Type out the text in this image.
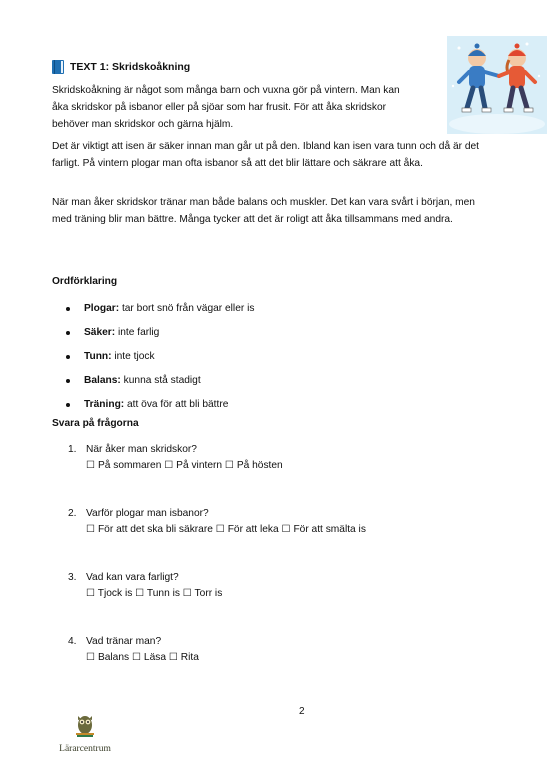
TEXT 1: Skridskoåkning

Skridskoåkning är något som många barn och vuxna gör på vintern. Man kan åka skridskor på isbanor eller på sjöar som har frusit. För att åka skridskor behöver man skridskor och gärna hjälm.

Det är viktigt att isen är säker innan man går ut på den. Ibland kan isen vara tunn och då är det farligt. På vintern plogar man ofta isbanor så att det blir lättare och säkrare att åka.

När man åker skridskor tränar man både balans och muskler. Det kan vara svårt i början, men med träning blir man bättre. Många tycker att det är roligt att åka tillsammans med andra.

Ordförklaring
Plogar: tar bort snö från vägar eller is
Säker: inte farlig
Tunn: inte tjock
Balans: kunna stå stadigt
Träning: att öva för att bli bättre
Svara på frågorna
1. När åker man skridskor?
☐ På sommaren ☐ På vintern ☐ På hösten
2. Varför plogar man isbanor?
☐ För att det ska bli säkrare ☐ För att leka ☐ För att smälta is
3. Vad kan vara farligt?
☐ Tjock is ☐ Tunn is ☐ Torr is
4. Vad tränar man?
☐ Balans ☐ Läsa ☐ Rita
2
Lärarcentrum
